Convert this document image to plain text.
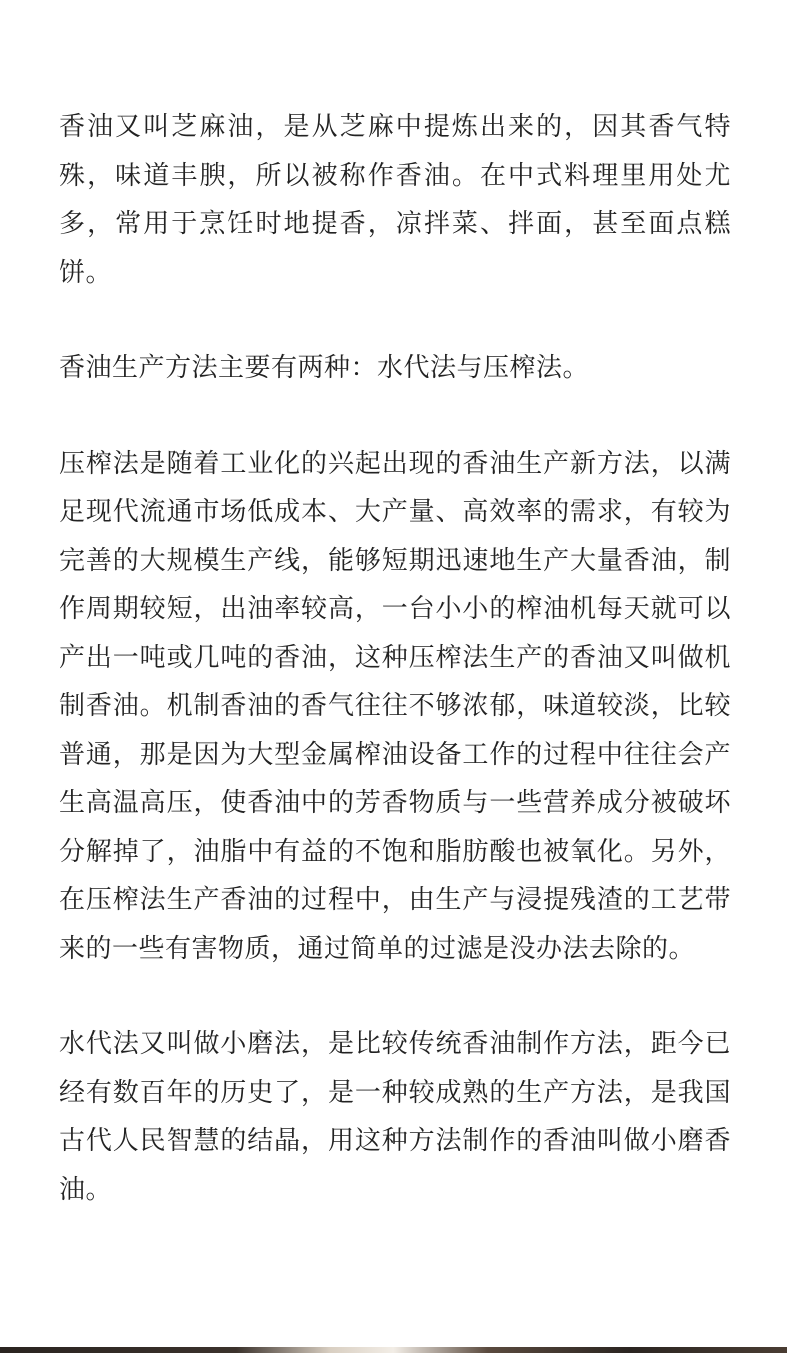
香油又叫芝麻油，是从芝麻中提炼出来的，因其香气特殊，味道丰腴，所以被称作香油。在中式料理里用处尤多，常用于烹饪时地提香，凉拌菜、拌面，甚至面点糕饼。

香油生产方法主要有两种：水代法与压榨法。

压榨法是随着工业化的兴起出现的香油生产新方法，以满足现代流通市场低成本、大产量、高效率的需求，有较为完善的大规模生产线，能够短期迅速地生产大量香油，制作周期较短，出油率较高，一台小小的榨油机每天就可以产出一吨或几吨的香油，这种压榨法生产的香油又叫做机制香油。机制香油的香气往往不够浓郁，味道较淡，比较普通，那是因为大型金属榨油设备工作的过程中往往会产生高温高压，使香油中的芳香物质与一些营养成分被破坏分解掉了，油脂中有益的不饱和脂肪酸也被氧化。另外，在压榨法生产香油的过程中，由生产与浸提残渣的工艺带来的一些有害物质，通过简单的过滤是没办法去除的。

水代法又叫做小磨法，是比较传统香油制作方法，距今已经有数百年的历史了，是一种较成熟的生产方法，是我国古代人民智慧的结晶，用这种方法制作的香油叫做小磨香油。
